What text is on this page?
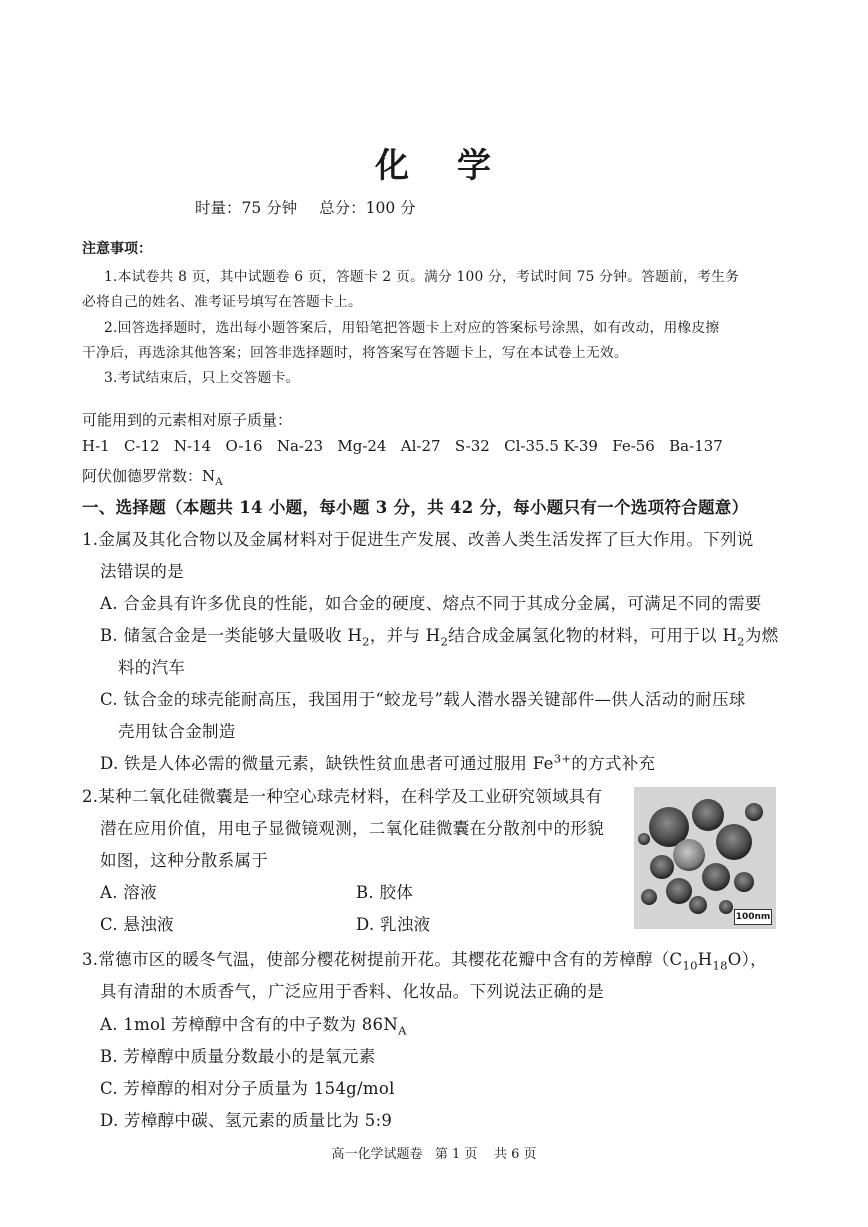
化 学
时量：75 分钟 总分：100 分
注意事项：
1.本试卷共 8 页，其中试题卷 6 页，答题卡 2 页。满分 100 分，考试时间 75 分钟。答题前，考生务
必将自己的姓名、准考证号填写在答题卡上。
2.回答选择题时，选出每小题答案后，用铅笔把答题卡上对应的答案标号涂黑，如有改动，用橡皮擦
干净后，再选涂其他答案；回答非选择题时，将答案写在答题卡上，写在本试卷上无效。
3.考试结束后，只上交答题卡。
可能用到的元素相对原子质量：
H-1   C-12   N-14   O-16   Na-23   Mg-24   Al-27   S-32   Cl-35.5 K-39   Fe-56   Ba-137
阿伏伽德罗常数：$N_A$
一、选择题（本题共 14 小题，每小题 3 分，共 42 分，每小题只有一个选项符合题意）
1.金属及其化合物以及金属材料对于促进生产发展、改善人类生活发挥了巨大作用。下列说
法错误的是
A. 合金具有许多优良的性能，如合金的硬度、熔点不同于其成分金属，可满足不同的需要
B. 储氢合金是一类能够大量吸收 $H_2$，并与 $H_2$结合成金属氢化物的材料，可用于以 $H_2$为燃
料的汽车
C. 钛合金的球壳能耐高压，我国用于“蛟龙号”载人潜水器关键部件—供人活动的耐压球
壳用钛合金制造
D. 铁是人体必需的微量元素，缺铁性贫血患者可通过服用 $Fe^{3+}$的方式补充
2.某种二氧化硅微囊是一种空心球壳材料，在科学及工业研究领域具有
潜在应用价值，用电子显微镜观测，二氧化硅微囊在分散剂中的形貌
如图，这种分散系属于
A. 溶液	B. 胶体
C. 悬浊液	D. 乳浊液	100nm
3.常德市区的暖冬气温，使部分樱花树提前开花。其樱花花瓣中含有的芳樟醇$(C_{10}H_{18}O)$，
具有清甜的木质香气，广泛应用于香料、化妆品。下列说法正确的是
A. 1mol 芳樟醇中含有的中子数为 $86N_A$
B. 芳樟醇中质量分数最小的是氧元素
C. 芳樟醇的相对分子质量为 154g/mol
D. 芳樟醇中碳、氢元素的质量比为 5:9
高一化学试题卷   第 1 页    共 6 页
